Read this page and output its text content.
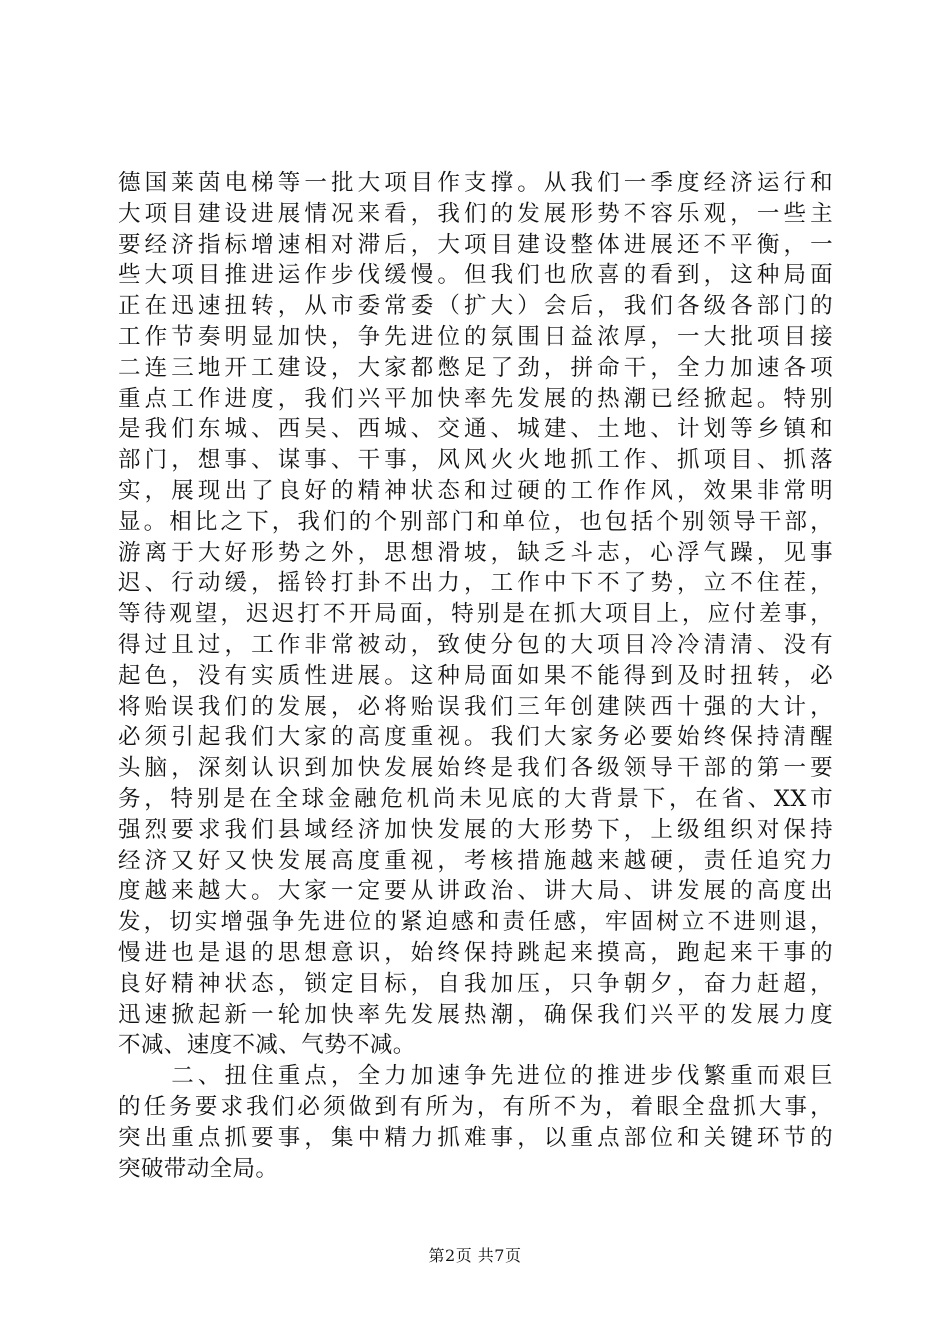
德国莱茵电梯等一批大项目作支撑。从我们一季度经济运行和
大项目建设进展情况来看，我们的发展形势不容乐观，一些主
要经济指标增速相对滞后，大项目建设整体进展还不平衡，一
些大项目推进运作步伐缓慢。但我们也欣喜的看到，这种局面
正在迅速扭转，从市委常委（扩大）会后，我们各级各部门的
工作节奏明显加快，争先进位的氛围日益浓厚，一大批项目接
二连三地开工建设，大家都憋足了劲，拼命干，全力加速各项
重点工作进度，我们兴平加快率先发展的热潮已经掀起。特别
是我们东城、西吴、西城、交通、城建、土地、计划等乡镇和
部门，想事、谋事、干事，风风火火地抓工作、抓项目、抓落
实，展现出了良好的精神状态和过硬的工作作风，效果非常明
显。相比之下，我们的个别部门和单位，也包括个别领导干部，
游离于大好形势之外，思想滑坡，缺乏斗志，心浮气躁，见事
迟、行动缓，摇铃打卦不出力，工作中下不了势，立不住茬，
等待观望，迟迟打不开局面，特别是在抓大项目上，应付差事，
得过且过，工作非常被动，致使分包的大项目冷冷清清、没有
起色，没有实质性进展。这种局面如果不能得到及时扭转，必
将贻误我们的发展，必将贻误我们三年创建陕西十强的大计，
必须引起我们大家的高度重视。我们大家务必要始终保持清醒
头脑，深刻认识到加快发展始终是我们各级领导干部的第一要
务，特别是在全球金融危机尚未见底的大背景下，在省、XX市
强烈要求我们县域经济加快发展的大形势下，上级组织对保持
经济又好又快发展高度重视，考核措施越来越硬，责任追究力
度越来越大。大家一定要从讲政治、讲大局、讲发展的高度出
发，切实增强争先进位的紧迫感和责任感，牢固树立不进则退，
慢进也是退的思想意识，始终保持跳起来摸高，跑起来干事的
良好精神状态，锁定目标，自我加压，只争朝夕，奋力赶超，
迅速掀起新一轮加快率先发展热潮，确保我们兴平的发展力度
不减、速度不减、气势不减。
　　二、扭住重点，全力加速争先进位的推进步伐繁重而艰巨
的任务要求我们必须做到有所为，有所不为，着眼全盘抓大事，
突出重点抓要事，集中精力抓难事，以重点部位和关键环节的
突破带动全局。
第2页 共7页
